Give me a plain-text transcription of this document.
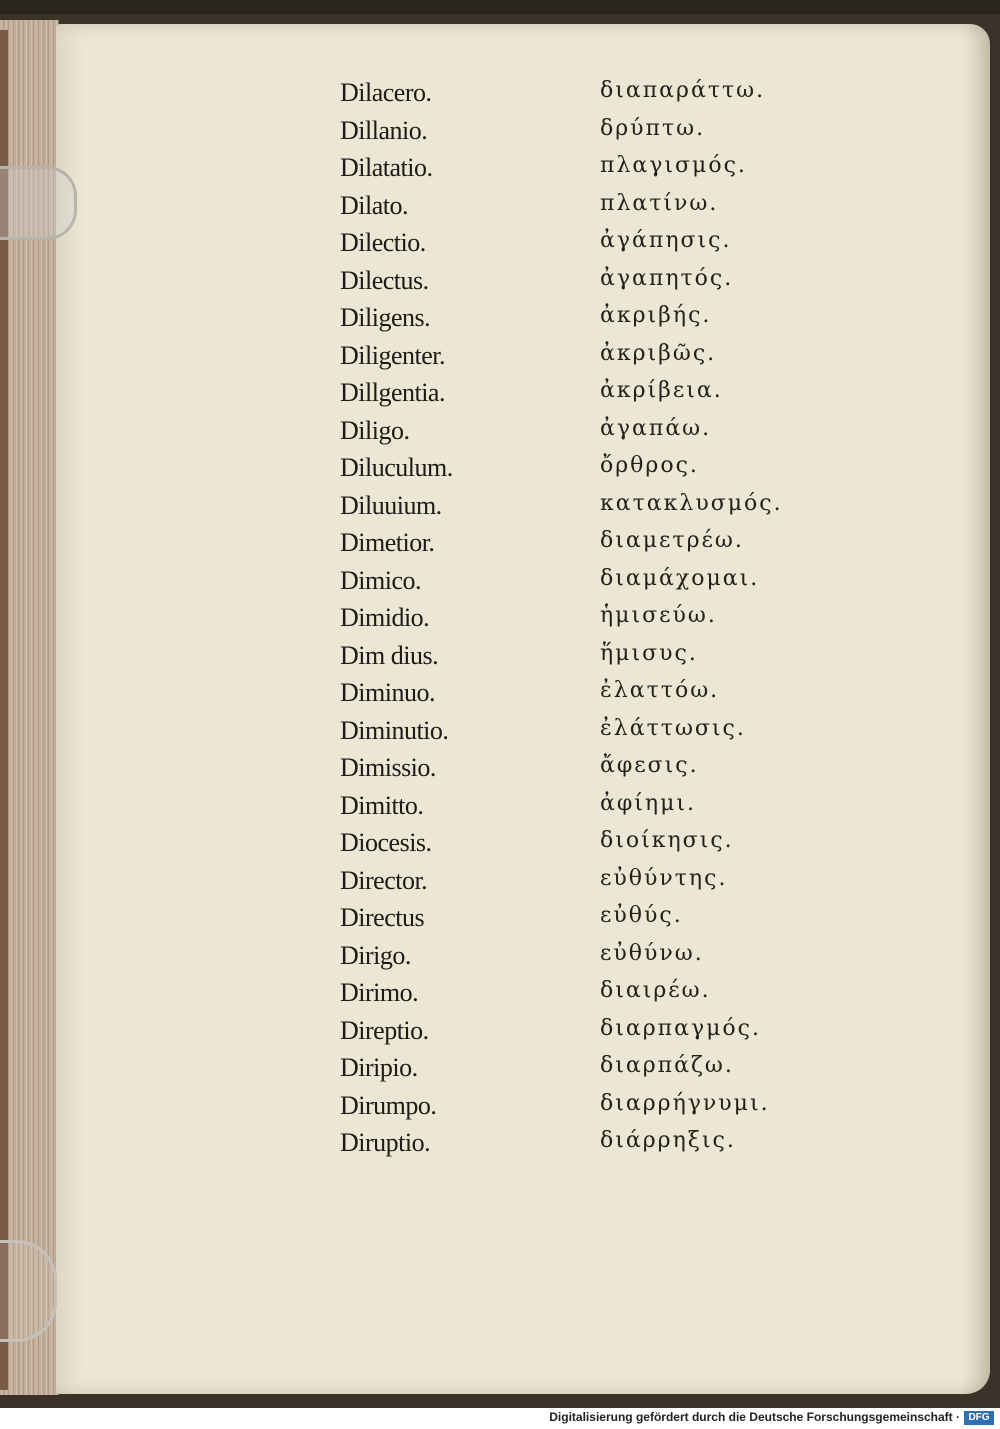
Dilacero.	διαπαράττω.
Dillanio.	δρύπτω.
Dilatatio.	πλαγισμός.
Dilato.	πλατίνω.
Dilectio.	ἀγάπησις.
Dilectus.	ἀγαπητός.
Diligens.	ἀκριβής.
Diligenter.	ἀκριβῶς.
Dillgentia.	ἀκρίβεια.
Diligo.	ἀγαπάω.
Diluculum.	ὄρθρος.
Diluuium.	κατακλυσμός.
Dimetior.	διαμετρέω.
Dimico.	διαμάχομαι.
Dimidio.	ἡμισεύω.
Dim dius.	ἥμισυς.
Diminuo.	ἐλαττόω.
Diminutio.	ἐλάττωσις.
Dimissio.	ἄφεσις.
Dimitto.	ἀφίημι.
Diocesis.	διοίκησις.
Director.	εὐθύντης.
Directus	εὐθύς.
Dirigo.	εὐθύνω.
Dirimo.	διαιρέω.
Direptio.	διαρπαγμός.
Diripio.	διαρπάζω.
Dirumpo.	διαρρήγνυμι.
Diruptio.	διάρρηξις.
Digitalisierung gefördert durch die Deutsche Forschungsgemeinschaft · DFG
